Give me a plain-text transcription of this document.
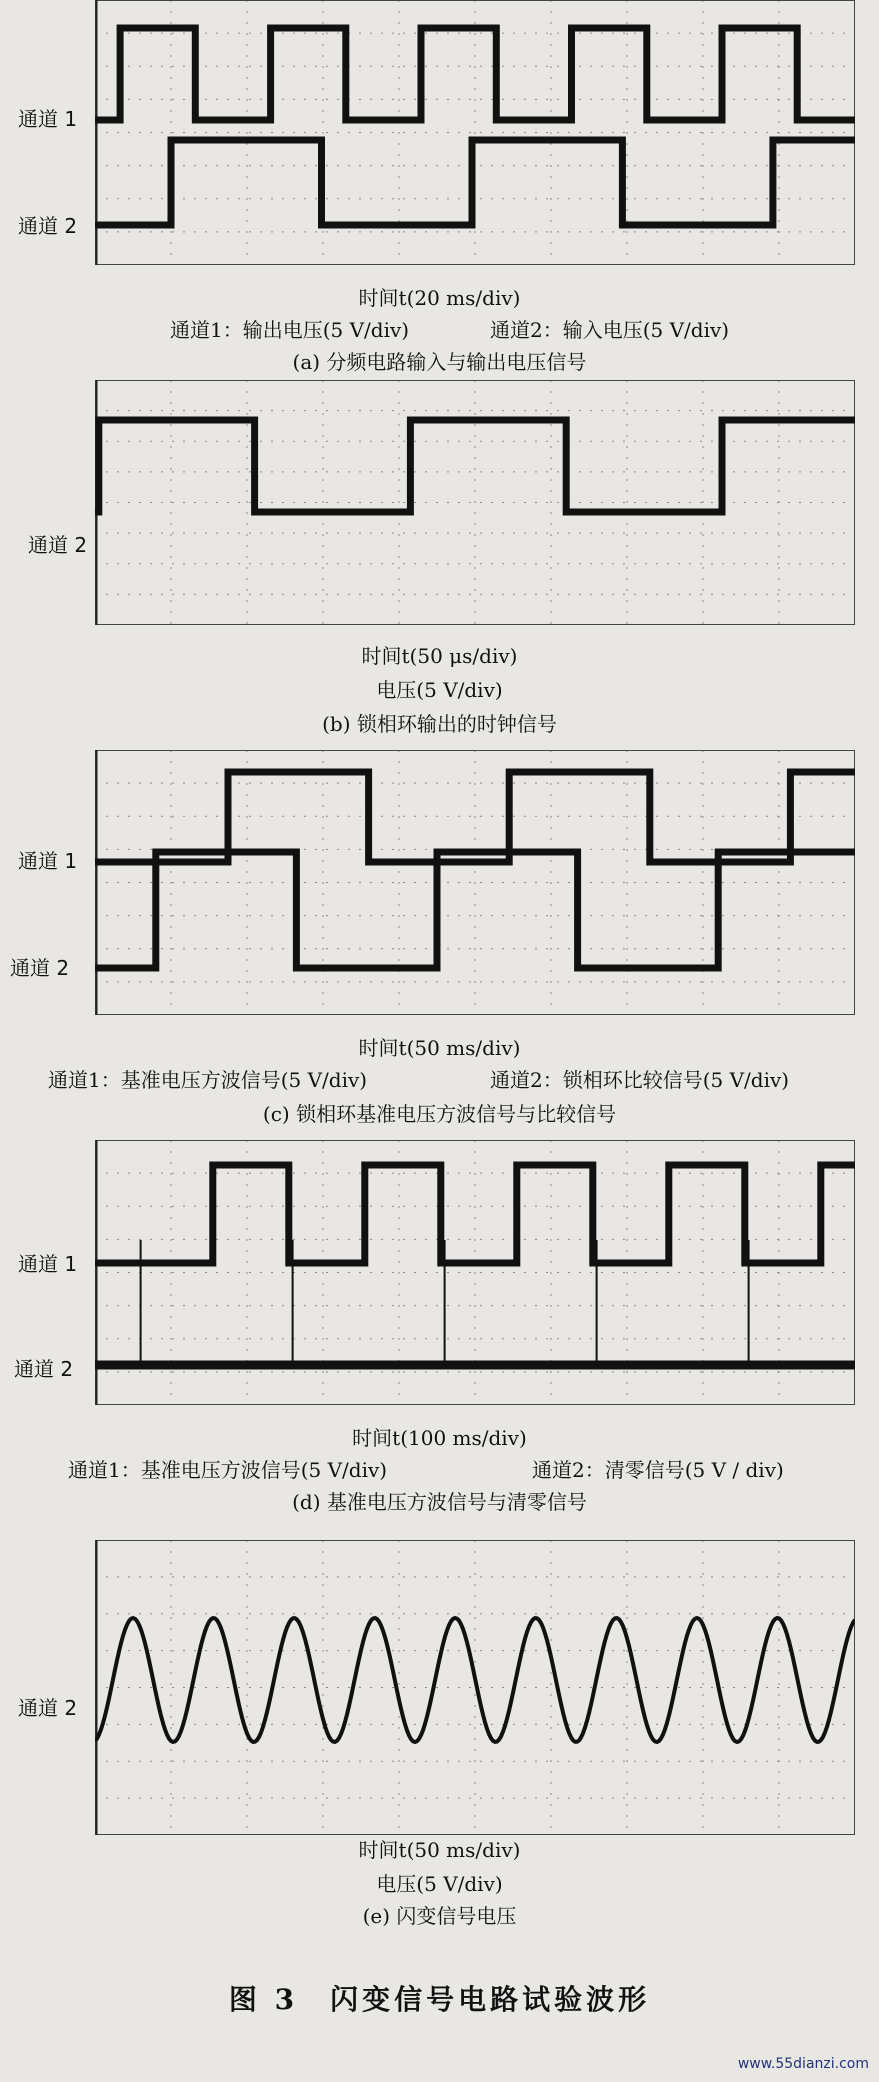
通道 1
通道 2
时间t(20 ms/div)
通道1：输出电压(5 V/div)	通道2：输入电压(5 V/div)
(a) 分频电路输入与输出电压信号
通道 2
时间t(50 μs/div)
电压(5 V/div)
(b) 锁相环输出的时钟信号
通道 1
通道 2
时间t(50 ms/div)
通道1：基准电压方波信号(5 V/div)	通道2：锁相环比较信号(5 V/div)
(c) 锁相环基准电压方波信号与比较信号
通道 1
通道 2
时间t(100 ms/div)
通道1：基准电压方波信号(5 V/div)	通道2：清零信号(5 V / div)
(d) 基准电压方波信号与清零信号
通道 2
时间t(50 ms/div)
电压(5 V/div)
(e) 闪变信号电压
图 3　闪变信号电路试验波形
www.55dianzi.com
